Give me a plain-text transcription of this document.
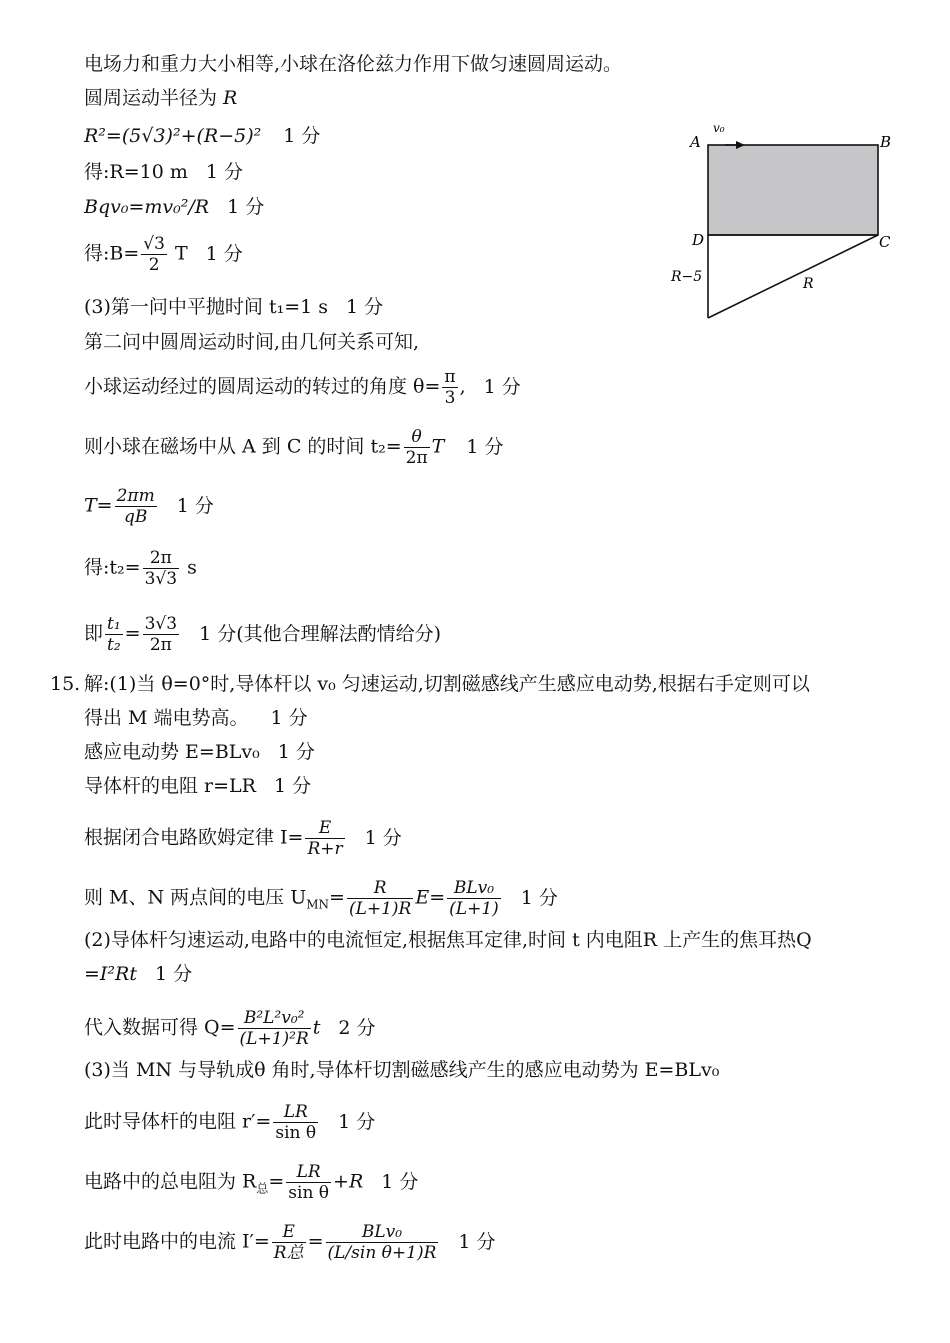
电场力和重力大小相等,小球在洛伦兹力作用下做匀速圆周运动。
圆周运动半径为 R
R²=(5√3)²+(R−5)² 1 分
得:R=10 m 1 分
Bqv₀=mv₀²/R 1 分
得:B= $\frac{√3}{2}$ T 1 分
(3)第一问中平抛时间 t₁=1 s 1 分
第二问中圆周运动时间,由几何关系可知,
小球运动经过的圆周运动的转过的角度 $\theta= \frac{\pi}{3}$ , 1 分
则小球在磁场中从 A 到 C 的时间 $t_2= \frac{\theta}{2\pi}$ T 1 分
$T= \frac{2\pi m}{qB} 1$ 分
得:t₂= $\frac{2\pi}{3√3}$ s
即 $\frac{\text{t₁}}{\text{t₂}} = \frac{3√3}{2\pi} 1$ 分(其他合理解法酌情给分)
A
v₀
B
D	C
R−5	R
15. 解:(1)当 θ=0°时,导体杆以 v₀ 匀速运动,切割磁感线产生感应电动势,根据右手定则可以
得出 M 端电势高。 1 分
感应电动势 E=BLv₀ 1 分
导体杆的电阻 r=LR 1 分
根据闭合电路欧姆定律 $I= \frac{E}{R+r} 1$ 分
则 M、N 两点间的电压 $U_{MN}= \frac{R}{(L+1)R} E= \frac{\text{BLv₀}}{(L+1)} 1$ 分
(2)导体杆匀速运动,电路中的电流恒定,根据焦耳定律,时间 t 内电阻R 上产生的焦耳热Q
=I²Rt 1 分
代入数据可得 $Q= \frac{\text{B²L²v₀²}}{\text{(L+1)²R}}$ t 2 分
(3)当 MN 与导轨成θ 角时,导体杆切割磁感线产生的感应电动势为 E=BLv₀
此时导体杆的电阻 $r'= \frac{LR}{\text{sin θ}} 1$ 分
电路中的总电阻为 $R_总= \frac{LR}{\text{sin θ}} +R$ 1 分
此时电路中的电流 $I'= \frac{E}{\text{R总}} = \frac{\text{BLv₀}}{\text{(L/sin θ+1)R}} 1$ 分
